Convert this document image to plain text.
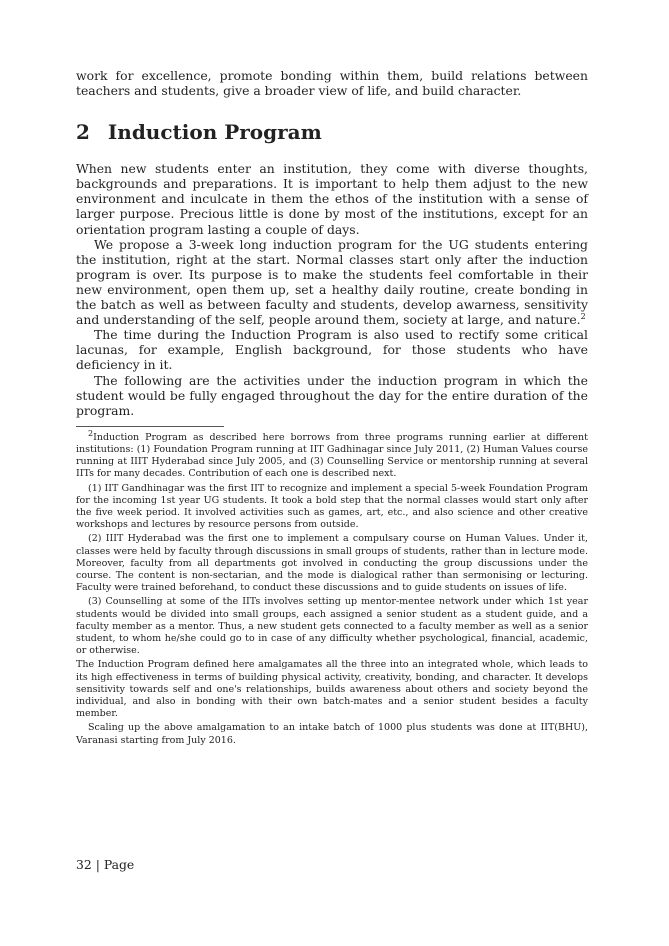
work for excellence, promote bonding within them, build relations between teachers and students, give a broader view of life, and build character.

2 Induction Program

When new students enter an institution, they come with diverse thoughts, backgrounds and preparations. It is important to help them adjust to the new environment and inculcate in them the ethos of the institution with a sense of larger purpose. Precious little is done by most of the institutions, except for an orientation program lasting a couple of days.

We propose a 3-week long induction program for the UG students entering the institution, right at the start. Normal classes start only after the induction program is over. Its purpose is to make the students feel comfortable in their new environment, open them up, set a healthy daily routine, create bonding in the batch as well as between faculty and students, develop awarness, sensitivity and understanding of the self, people around them, society at large, and nature.$^2$

The time during the Induction Program is also used to rectify some critical lacunas, for example, English background, for those students who have deficiency in it.

The following are the activities under the induction program in which the student would be fully engaged throughout the day for the entire duration of the program.

$^2$Induction Program as described here borrows from three programs running earlier at different institutions: (1) Foundation Program running at IIT Gadhinagar since July 2011, (2) Human Values course running at IIIT Hyderabad since July 2005, and (3) Counselling Service or mentorship running at several IITs for many decades. Contribution of each one is described next.

(1) IIT Gandhinagar was the first IIT to recognize and implement a special 5-week Foundation Program for the incoming 1st year UG students. It took a bold step that the normal classes would start only after the five week period. It involved activities such as games, art, etc., and also science and other creative workshops and lectures by resource persons from outside.

(2) IIIT Hyderabad was the first one to implement a compulsary course on Human Values. Under it, classes were held by faculty through discussions in small groups of students, rather than in lecture mode. Moreover, faculty from all departments got involved in conducting the group discussions under the course. The content is non-sectarian, and the mode is dialogical rather than sermonising or lecturing. Faculty were trained beforehand, to conduct these discussions and to guide students on issues of life.

(3) Counselling at some of the IITs involves setting up mentor-mentee network under which 1st year students would be divided into small groups, each assigned a senior student as a student guide, and a faculty member as a mentor. Thus, a new student gets connected to a faculty member as well as a senior student, to whom he/she could go to in case of any difficulty whether psychological, financial, academic, or otherwise.

The Induction Program defined here amalgamates all the three into an integrated whole, which leads to its high effectiveness in terms of building physical activity, creativity, bonding, and character. It develops sensitivity towards self and one's relationships, builds awareness about others and society beyond the individual, and also in bonding with their own batch-mates and a senior student besides a faculty member.

Scaling up the above amalgamation to an intake batch of 1000 plus students was done at IIT(BHU), Varanasi starting from July 2016.

32 | Page
